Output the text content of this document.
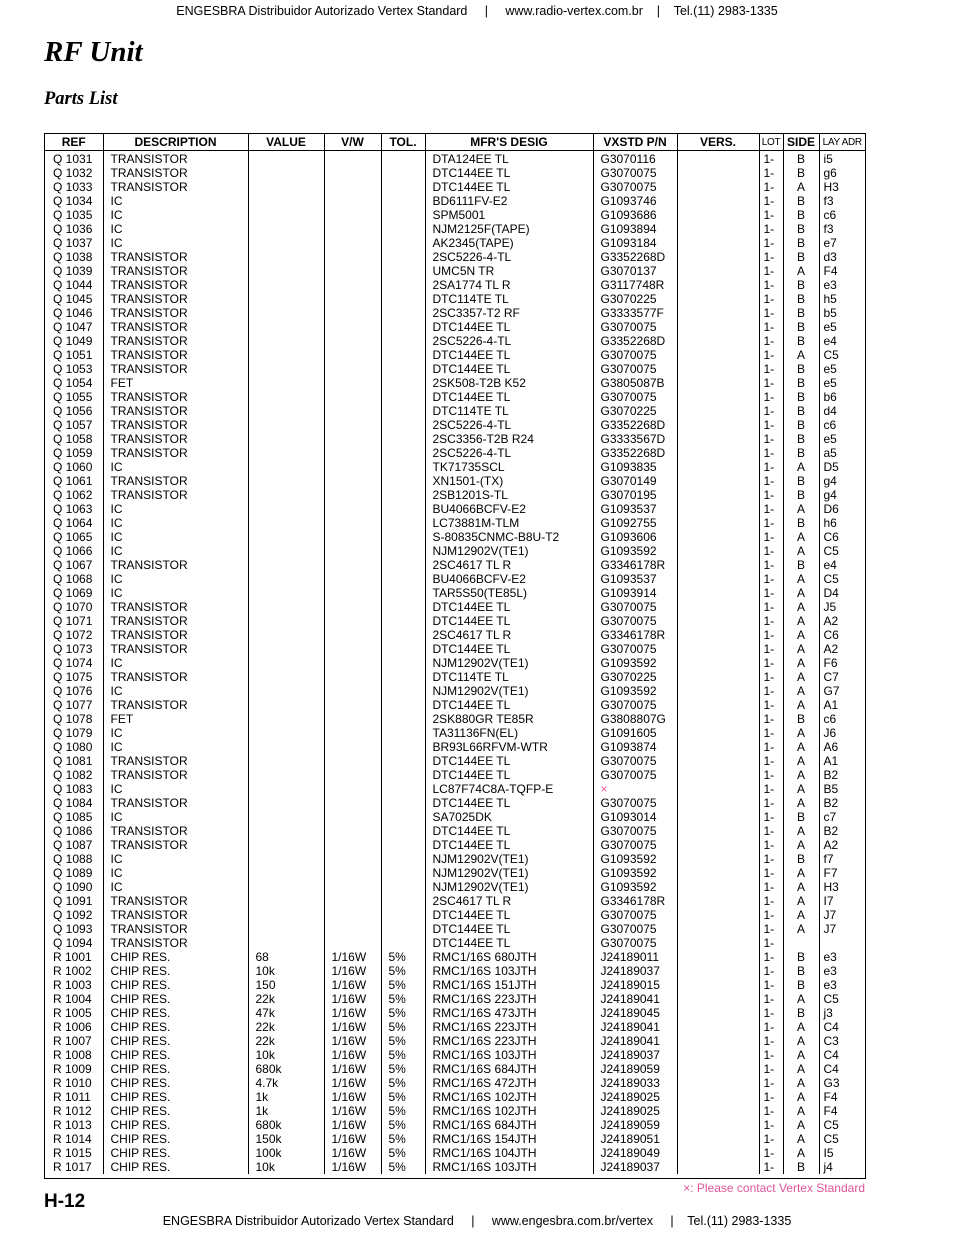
ENGESBRA Distribuidor Autorizado Vertex Standard     |     www.radio-vertex.com.br    |    Tel.(11) 2983-1335
RF Unit
Parts List
REF	DESCRIPTION	VALUE	V/W	TOL.	MFR'S DESIG	VXSTD P/N	VERS.	LOT	SIDE	LAY ADR
Q 1031	TRANSISTOR				DTA124EE TL	G3070116		1-	B	i5
Q 1032	TRANSISTOR				DTC144EE TL	G3070075		1-	B	g6
Q 1033	TRANSISTOR				DTC144EE TL	G3070075		1-	A	H3
Q 1034	IC				BD6111FV-E2	G1093746		1-	B	f3
Q 1035	IC				SPM5001	G1093686		1-	B	c6
Q 1036	IC				NJM2125F(TAPE)	G1093894		1-	B	f3
Q 1037	IC				AK2345(TAPE)	G1093184		1-	B	e7
Q 1038	TRANSISTOR				2SC5226-4-TL	G3352268D		1-	B	d3
Q 1039	TRANSISTOR				UMC5N TR	G3070137		1-	A	F4
Q 1044	TRANSISTOR				2SA1774 TL R	G3117748R		1-	B	e3
Q 1045	TRANSISTOR				DTC114TE TL	G3070225		1-	B	h5
Q 1046	TRANSISTOR				2SC3357-T2 RF	G3333577F		1-	B	b5
Q 1047	TRANSISTOR				DTC144EE TL	G3070075		1-	B	e5
Q 1049	TRANSISTOR				2SC5226-4-TL	G3352268D		1-	B	e4
Q 1051	TRANSISTOR				DTC144EE TL	G3070075		1-	A	C5
Q 1053	TRANSISTOR				DTC144EE TL	G3070075		1-	B	e5
Q 1054	FET				2SK508-T2B K52	G3805087B		1-	B	e5
Q 1055	TRANSISTOR				DTC144EE TL	G3070075		1-	B	b6
Q 1056	TRANSISTOR				DTC114TE TL	G3070225		1-	B	d4
Q 1057	TRANSISTOR				2SC5226-4-TL	G3352268D		1-	B	c6
Q 1058	TRANSISTOR				2SC3356-T2B R24	G3333567D		1-	B	e5
Q 1059	TRANSISTOR				2SC5226-4-TL	G3352268D		1-	B	a5
Q 1060	IC				TK71735SCL	G1093835		1-	A	D5
Q 1061	TRANSISTOR				XN1501-(TX)	G3070149		1-	B	g4
Q 1062	TRANSISTOR				2SB1201S-TL	G3070195		1-	B	g4
Q 1063	IC				BU4066BCFV-E2	G1093537		1-	A	D6
Q 1064	IC				LC73881M-TLM	G1092755		1-	B	h6
Q 1065	IC				S-80835CNMC-B8U-T2	G1093606		1-	A	C6
Q 1066	IC				NJM12902V(TE1)	G1093592		1-	A	C5
Q 1067	TRANSISTOR				2SC4617 TL R	G3346178R		1-	B	e4
Q 1068	IC				BU4066BCFV-E2	G1093537		1-	A	C5
Q 1069	IC				TAR5S50(TE85L)	G1093914		1-	A	D4
Q 1070	TRANSISTOR				DTC144EE TL	G3070075		1-	A	J5
Q 1071	TRANSISTOR				DTC144EE TL	G3070075		1-	A	A2
Q 1072	TRANSISTOR				2SC4617 TL R	G3346178R		1-	A	C6
Q 1073	TRANSISTOR				DTC144EE TL	G3070075		1-	A	A2
Q 1074	IC				NJM12902V(TE1)	G1093592		1-	A	F6
Q 1075	TRANSISTOR				DTC114TE TL	G3070225		1-	A	C7
Q 1076	IC				NJM12902V(TE1)	G1093592		1-	A	G7
Q 1077	TRANSISTOR				DTC144EE TL	G3070075		1-	A	A1
Q 1078	FET				2SK880GR TE85R	G3808807G		1-	B	c6
Q 1079	IC				TA31136FN(EL)	G1091605		1-	A	J6
Q 1080	IC				BR93L66RFVM-WTR	G1093874		1-	A	A6
Q 1081	TRANSISTOR				DTC144EE TL	G3070075		1-	A	A1
Q 1082	TRANSISTOR				DTC144EE TL	G3070075		1-	A	B2
Q 1083	IC				LC87F74C8A-TQFP-E	×		1-	A	B5
Q 1084	TRANSISTOR				DTC144EE TL	G3070075		1-	A	B2
Q 1085	IC				SA7025DK	G1093014		1-	B	c7
Q 1086	TRANSISTOR				DTC144EE TL	G3070075		1-	A	B2
Q 1087	TRANSISTOR				DTC144EE TL	G3070075		1-	A	A2
Q 1088	IC				NJM12902V(TE1)	G1093592		1-	B	f7
Q 1089	IC				NJM12902V(TE1)	G1093592		1-	A	F7
Q 1090	IC				NJM12902V(TE1)	G1093592		1-	A	H3
Q 1091	TRANSISTOR				2SC4617 TL R	G3346178R		1-	A	I7
Q 1092	TRANSISTOR				DTC144EE TL	G3070075		1-	A	J7
Q 1093	TRANSISTOR				DTC144EE TL	G3070075		1-	A	J7
Q 1094	TRANSISTOR				DTC144EE TL	G3070075		1-		
R 1001	CHIP RES.	68	1/16W	5%	RMC1/16S 680JTH	J24189011		1-	B	e3
R 1002	CHIP RES.	10k	1/16W	5%	RMC1/16S 103JTH	J24189037		1-	B	e3
R 1003	CHIP RES.	150	1/16W	5%	RMC1/16S 151JTH	J24189015		1-	B	e3
R 1004	CHIP RES.	22k	1/16W	5%	RMC1/16S 223JTH	J24189041		1-	A	C5
R 1005	CHIP RES.	47k	1/16W	5%	RMC1/16S 473JTH	J24189045		1-	B	j3
R 1006	CHIP RES.	22k	1/16W	5%	RMC1/16S 223JTH	J24189041		1-	A	C4
R 1007	CHIP RES.	22k	1/16W	5%	RMC1/16S 223JTH	J24189041		1-	A	C3
R 1008	CHIP RES.	10k	1/16W	5%	RMC1/16S 103JTH	J24189037		1-	A	C4
R 1009	CHIP RES.	680k	1/16W	5%	RMC1/16S 684JTH	J24189059		1-	A	C4
R 1010	CHIP RES.	4.7k	1/16W	5%	RMC1/16S 472JTH	J24189033		1-	A	G3
R 1011	CHIP RES.	1k	1/16W	5%	RMC1/16S 102JTH	J24189025		1-	A	F4
R 1012	CHIP RES.	1k	1/16W	5%	RMC1/16S 102JTH	J24189025		1-	A	F4
R 1013	CHIP RES.	680k	1/16W	5%	RMC1/16S 684JTH	J24189059		1-	A	C5
R 1014	CHIP RES.	150k	1/16W	5%	RMC1/16S 154JTH	J24189051		1-	A	C5
R 1015	CHIP RES.	100k	1/16W	5%	RMC1/16S 104JTH	J24189049		1-	A	I5
R 1017	CHIP RES.	10k	1/16W	5%	RMC1/16S 103JTH	J24189037		1-	B	j4
H-12
×: Please contact Vertex Standard
ENGESBRA Distribuidor Autorizado Vertex Standard     |     www.engesbra.com.br/vertex     |    Tel.(11) 2983-1335
